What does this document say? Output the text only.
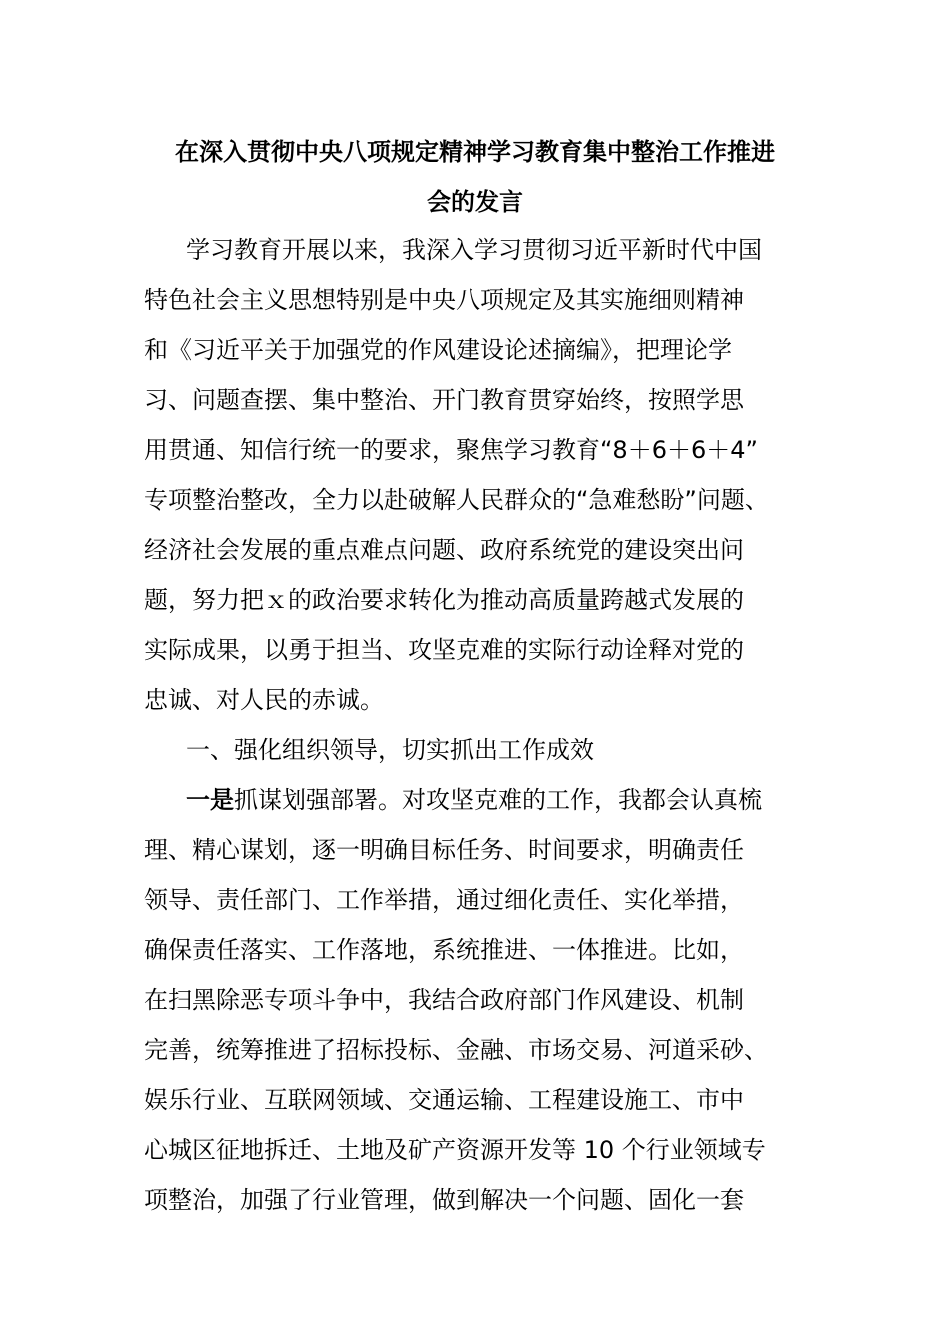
在深入贯彻中央八项规定精神学习教育集中整治工作推进
会的发言
学习教育开展以来，我深入学习贯彻习近平新时代中国
特色社会主义思想特别是中央八项规定及其实施细则精神
和《习近平关于加强党的作风建设论述摘编》，把理论学
习、问题查摆、集中整治、开门教育贯穿始终，按照学思
用贯通、知信行统一的要求，聚焦学习教育“8＋6＋6＋4”
专项整治整改，全力以赴破解人民群众的“急难愁盼”问题、
经济社会发展的重点难点问题、政府系统党的建设突出问
题，努力把ｘ的政治要求转化为推动高质量跨越式发展的
实际成果，以勇于担当、攻坚克难的实际行动诠释对党的
忠诚、对人民的赤诚。
一、强化组织领导，切实抓出工作成效
一是抓谋划强部署。对攻坚克难的工作，我都会认真梳
理、精心谋划，逐一明确目标任务、时间要求，明确责任
领导、责任部门、工作举措，通过细化责任、实化举措，
确保责任落实、工作落地，系统推进、一体推进。比如，
在扫黑除恶专项斗争中，我结合政府部门作风建设、机制
完善，统筹推进了招标投标、金融、市场交易、河道采砂、
娱乐行业、互联网领域、交通运输、工程建设施工、市中
心城区征地拆迁、土地及矿产资源开发等 10 个行业领域专
项整治，加强了行业管理，做到解决一个问题、固化一套
